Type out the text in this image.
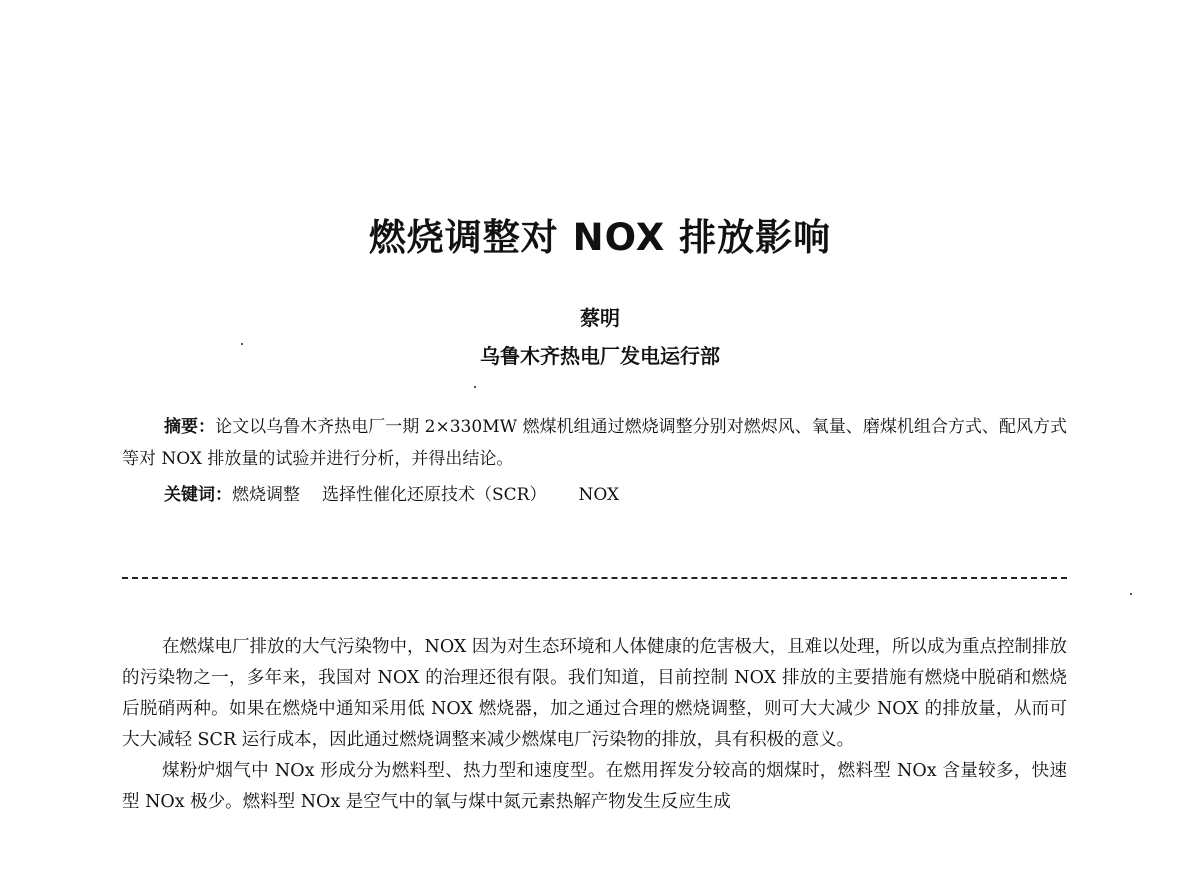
燃烧调整对 NOX 排放影响
蔡明
乌鲁木齐热电厂发电运行部
摘要：论文以乌鲁木齐热电厂一期 2×330MW 燃煤机组通过燃烧调整分别对燃烬风、氧量、磨煤机组合方式、配风方式等对 NOX 排放量的试验并进行分析，并得出结论。
关键词：燃烧调整 选择性催化还原技术（SCR） NOX

在燃煤电厂排放的大气污染物中，NOX 因为对生态环境和人体健康的危害极大，且难以处理，所以成为重点控制排放的污染物之一，多年来，我国对 NOX 的治理还很有限。我们知道，目前控制 NOX 排放的主要措施有燃烧中脱硝和燃烧后脱硝两种。如果在燃烧中通知采用低 NOX 燃烧器，加之通过合理的燃烧调整，则可大大减少 NOX 的排放量，从而可大大减轻 SCR 运行成本，因此通过燃烧调整来减少燃煤电厂污染物的排放，具有积极的意义。

煤粉炉烟气中 NOx 形成分为燃料型、热力型和速度型。在燃用挥发分较高的烟煤时，燃料型 NOx 含量较多，快速型 NOx 极少。燃料型 NOx 是空气中的氧与煤中氮元素热解产物发生反应生成
